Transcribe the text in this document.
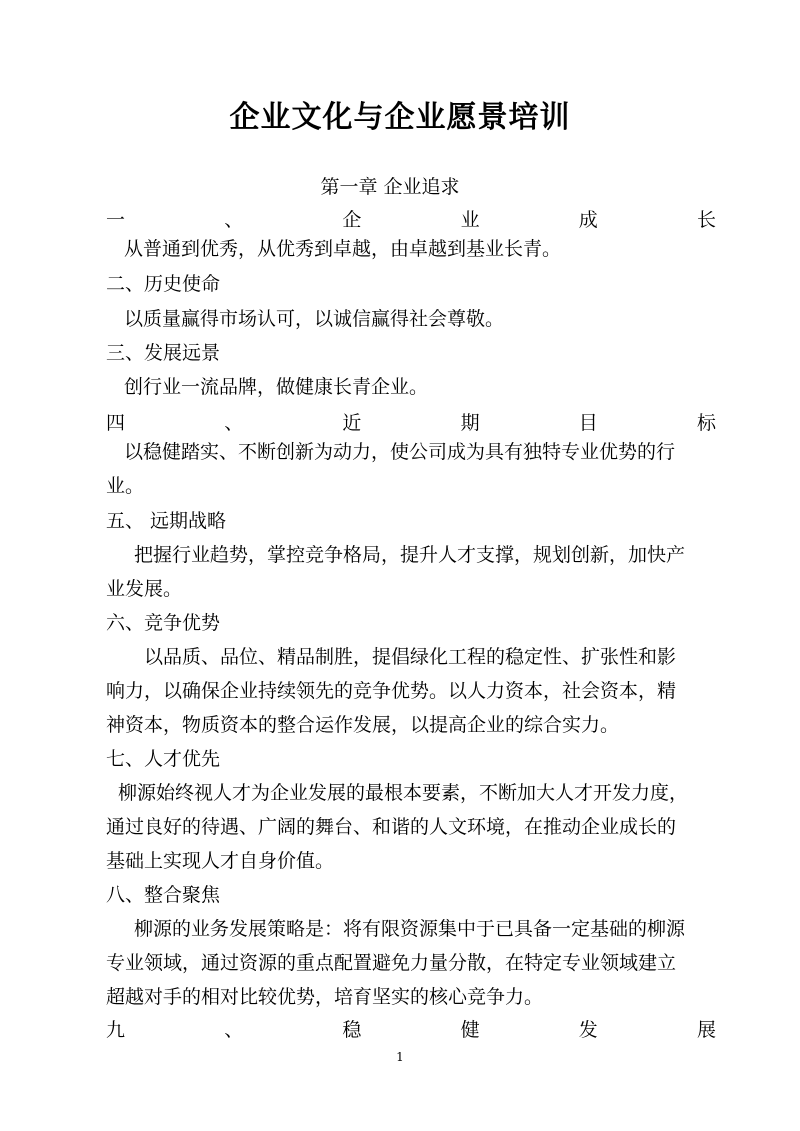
企业文化与企业愿景培训
第一章 企业追求
一	、	企	业	成	长
从普通到优秀，从优秀到卓越，由卓越到基业长青。
二、历史使命
以质量赢得市场认可，以诚信赢得社会尊敬。
三、发展远景
创行业一流品牌，做健康长青企业。
四	、	近	期	目	标
以稳健踏实、不断创新为动力，使公司成为具有独特专业优势的行
业。
五、 远期战略
把握行业趋势，掌控竞争格局，提升人才支撑，规划创新，加快产
业发展。
六、竞争优势
以品质、品位、精品制胜，提倡绿化工程的稳定性、扩张性和影
响力，以确保企业持续领先的竞争优势。以人力资本，社会资本，精
神资本，物质资本的整合运作发展，以提高企业的综合实力。
七、人才优先
柳源始终视人才为企业发展的最根本要素，不断加大人才开发力度，
通过良好的待遇、广阔的舞台、和谐的人文环境，在推动企业成长的
基础上实现人才自身价值。
八、整合聚焦
柳源的业务发展策略是：将有限资源集中于已具备一定基础的柳源
专业领域，通过资源的重点配置避免力量分散，在特定专业领域建立
超越对手的相对比较优势，培育坚实的核心竞争力。
九	、	稳	健	发	展
1
